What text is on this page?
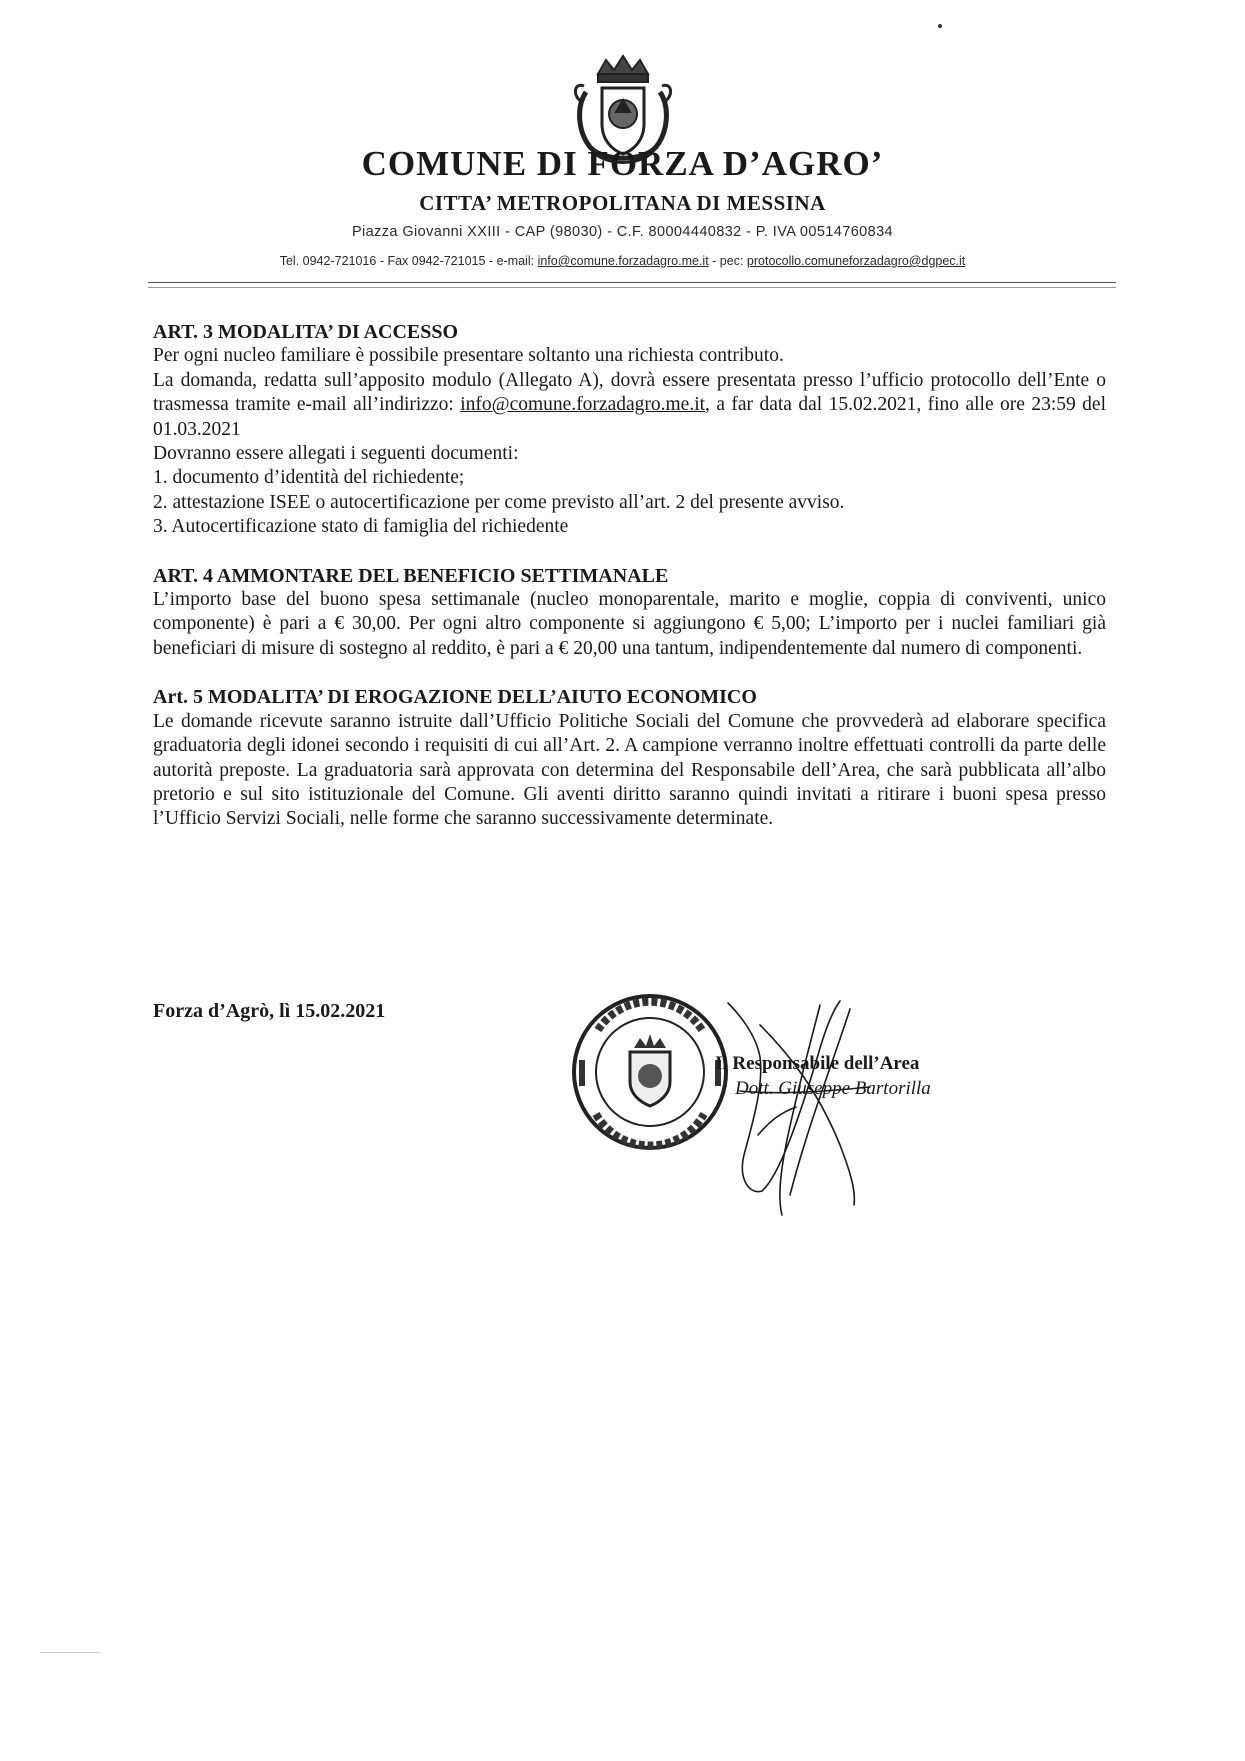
COMUNE DI FORZA D’AGRO’
CITTA’ METROPOLITANA DI MESSINA
Piazza Giovanni XXIII - CAP (98030) - C.F. 80004440832 - P. IVA 00514760834
Tel. 0942-721016 - Fax 0942-721015 - e-mail: info@comune.forzadagro.me.it - pec: protocollo.comuneforzadagro@dgpec.it
ART. 3 MODALITA’ DI ACCESSO

Per ogni nucleo familiare è possibile presentare soltanto una richiesta contributo.

La domanda, redatta sull’apposito modulo (Allegato A), dovrà essere presentata presso l’ufficio protocollo dell’Ente o trasmessa tramite e-mail all’indirizzo: info@comune.forzadagro.me.it, a far data dal 15.02.2021, fino alle ore 23:59 del 01.03.2021

Dovranno essere allegati i seguenti documenti:

1. documento d’identità del richiedente;

2. attestazione ISEE o autocertificazione per come previsto all’art. 2 del presente avviso.

3. Autocertificazione stato di famiglia del richiedente

ART. 4 AMMONTARE DEL BENEFICIO SETTIMANALE

L’importo base del buono spesa settimanale (nucleo monoparentale, marito e moglie, coppia di conviventi, unico componente) è pari a € 30,00. Per ogni altro componente si aggiungono € 5,00; L’importo per i nuclei familiari già beneficiari di misure di sostegno al reddito, è pari a € 20,00 una tantum, indipendentemente dal numero di componenti.

Art. 5 MODALITA’ DI EROGAZIONE DELL’AIUTO ECONOMICO

Le domande ricevute saranno istruite dall’Ufficio Politiche Sociali del Comune che provvederà ad elaborare specifica graduatoria degli idonei secondo i requisiti di cui all’Art. 2. A campione verranno inoltre effettuati controlli da parte delle autorità preposte. La graduatoria sarà approvata con determina del Responsabile dell’Area, che sarà pubblicata all’albo pretorio e sul sito istituzionale del Comune. Gli aventi diritto saranno quindi invitati a ritirare i buoni spesa presso l’Ufficio Servizi Sociali, nelle forme che saranno successivamente determinate.

Forza d’Agrò, lì 15.02.2021
Il Responsabile dell’Area
Dott. Giuseppe Bartorilla
